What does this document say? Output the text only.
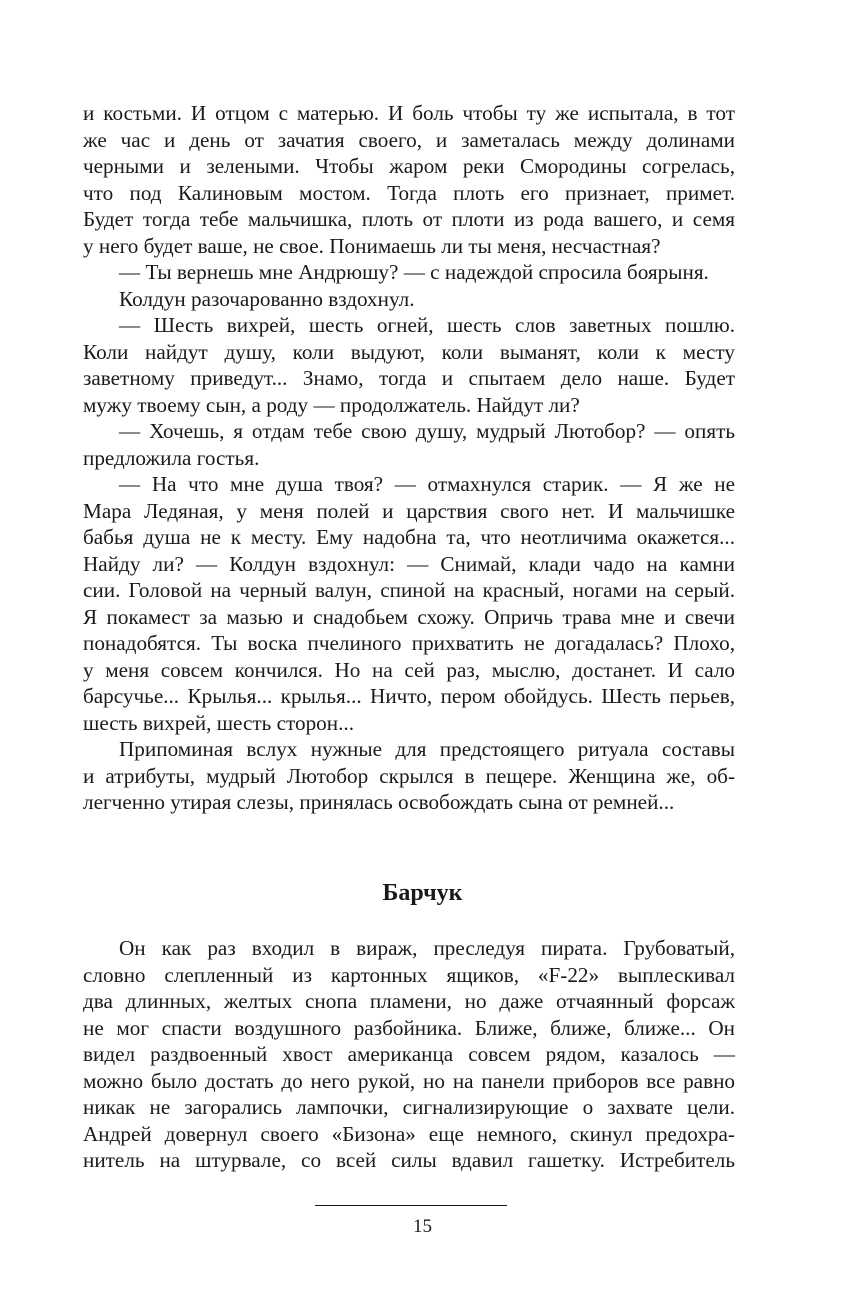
и костьми. И отцом с матерью. И боль чтобы ту же испытала, в тот
же час и день от зачатия своего, и заметалась между долинами
черными и зелеными. Чтобы жаром реки Смородины согрелась,
что под Калиновым мостом. Тогда плоть его признает, примет.
Будет тогда тебе мальчишка, плоть от плоти из рода вашего, и семя
у него будет ваше, не свое. Понимаешь ли ты меня, несчастная?
— Ты вернешь мне Андрюшу? — с надеждой спросила боярыня.
Колдун разочарованно вздохнул.
— Шесть вихрей, шесть огней, шесть слов заветных пошлю.
Коли найдут душу, коли выдуют, коли выманят, коли к месту
заветному приведут... Знамо, тогда и спытаем дело наше. Будет
мужу твоему сын, а роду — продолжатель. Найдут ли?
— Хочешь, я отдам тебе свою душу, мудрый Лютобор? — опять
предложила гостья.
— На что мне душа твоя? — отмахнулся старик. — Я же не
Мара Ледяная, у меня полей и царствия свого нет. И мальчишке
бабья душа не к месту. Ему надобна та, что неотличима окажется...
Найду ли? — Колдун вздохнул: — Снимай, клади чадо на камни
сии. Головой на черный валун, спиной на красный, ногами на серый.
Я покамест за мазью и снадобьем схожу. Опричь трава мне и свечи
понадобятся. Ты воска пчелиного прихватить не догадалась? Плохо,
у меня совсем кончился. Но на сей раз, мыслю, достанет. И сало
барсучье... Крылья... крылья... Ничто, пером обойдусь. Шесть перьев,
шесть вихрей, шесть сторон...
Припоминая вслух нужные для предстоящего ритуала составы
и атрибуты, мудрый Лютобор скрылся в пещере. Женщина же, об-
легченно утирая слезы, принялась освобождать сына от ремней...
Барчук
Он как раз входил в вираж, преследуя пирата. Грубоватый,
словно слепленный из картонных ящиков, «F-22» выплескивал
два длинных, желтых снопа пламени, но даже отчаянный форсаж
не мог спасти воздушного разбойника. Ближе, ближе, ближе... Он
видел раздвоенный хвост американца совсем рядом, казалось —
можно было достать до него рукой, но на панели приборов все равно
никак не загорались лампочки, сигнализирующие о захвате цели.
Андрей довернул своего «Бизона» еще немного, скинул предохра-
нитель на штурвале, со всей силы вдавил гашетку. Истребитель
15
